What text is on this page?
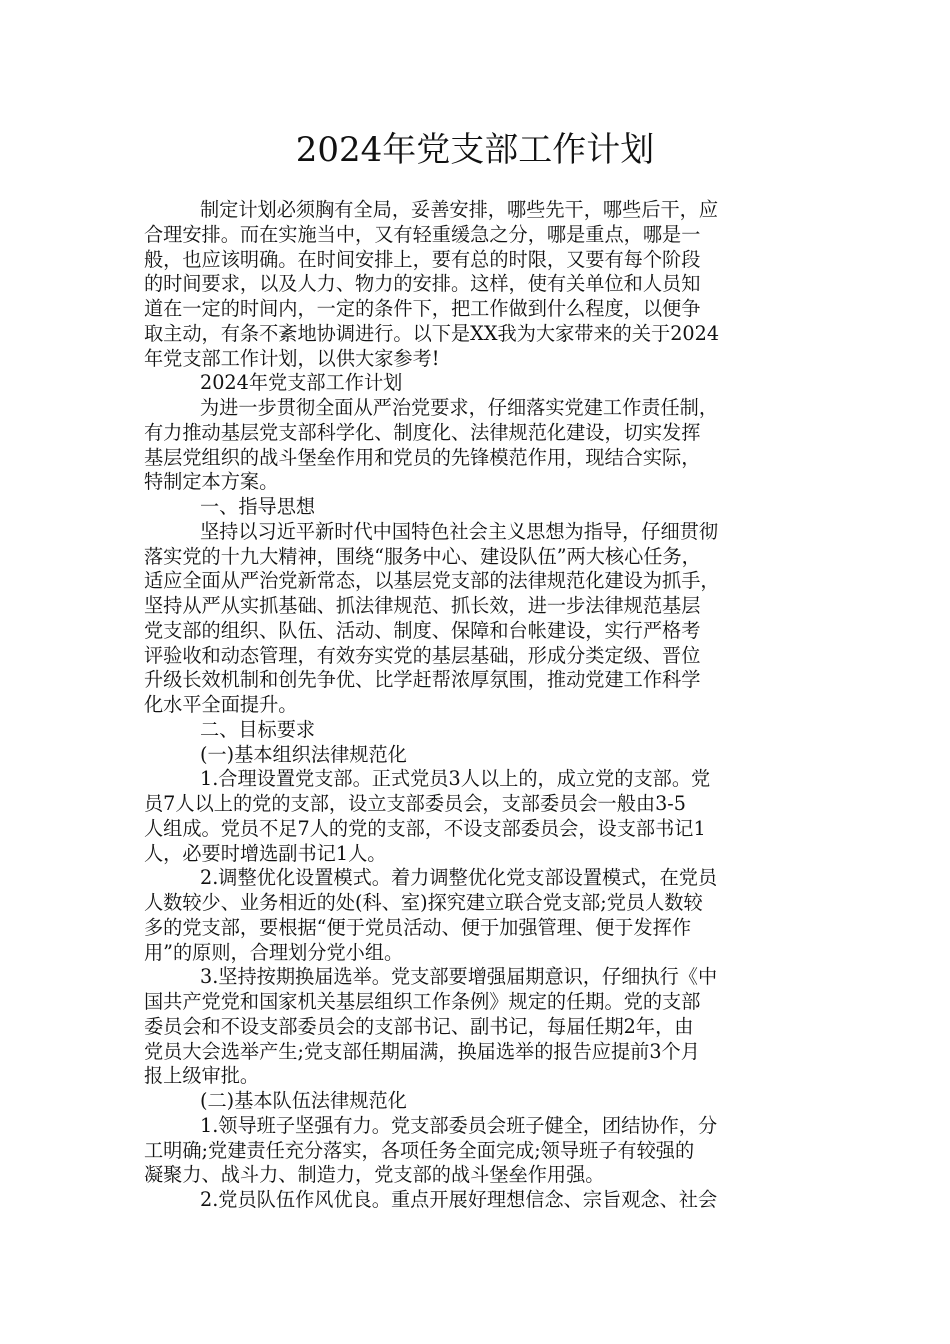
2024年党支部工作计划
制定计划必须胸有全局，妥善安排，哪些先干，哪些后干，应
合理安排。而在实施当中，又有轻重缓急之分，哪是重点，哪是一
般，也应该明确。在时间安排上，要有总的时限，又要有每个阶段
的时间要求，以及人力、物力的安排。这样，使有关单位和人员知
道在一定的时间内，一定的条件下，把工作做到什么程度，以便争
取主动，有条不紊地协调进行。以下是XX我为大家带来的关于2024
年党支部工作计划，以供大家参考!
2024年党支部工作计划
为进一步贯彻全面从严治党要求，仔细落实党建工作责任制，
有力推动基层党支部科学化、制度化、法律规范化建设，切实发挥
基层党组织的战斗堡垒作用和党员的先锋模范作用，现结合实际，
特制定本方案。
一、指导思想
坚持以习近平新时代中国特色社会主义思想为指导，仔细贯彻
落实党的十九大精神，围绕“服务中心、建设队伍”两大核心任务，
适应全面从严治党新常态，以基层党支部的法律规范化建设为抓手，
坚持从严从实抓基础、抓法律规范、抓长效，进一步法律规范基层
党支部的组织、队伍、活动、制度、保障和台帐建设，实行严格考
评验收和动态管理，有效夯实党的基层基础，形成分类定级、晋位
升级长效机制和创先争优、比学赶帮浓厚氛围，推动党建工作科学
化水平全面提升。
二、目标要求
(一)基本组织法律规范化
1.合理设置党支部。正式党员3人以上的，成立党的支部。党
员7人以上的党的支部，设立支部委员会，支部委员会一般由3-5
人组成。党员不足7人的党的支部，不设支部委员会，设支部书记1
人，必要时增选副书记1人。
2.调整优化设置模式。着力调整优化党支部设置模式，在党员
人数较少、业务相近的处(科、室)探究建立联合党支部;党员人数较
多的党支部，要根据“便于党员活动、便于加强管理、便于发挥作
用”的原则，合理划分党小组。
3.坚持按期换届选举。党支部要增强届期意识，仔细执行《中
国共产党党和国家机关基层组织工作条例》规定的任期。党的支部
委员会和不设支部委员会的支部书记、副书记，每届任期2年，由
党员大会选举产生;党支部任期届满，换届选举的报告应提前3个月
报上级审批。
(二)基本队伍法律规范化
1.领导班子坚强有力。党支部委员会班子健全，团结协作，分
工明确;党建责任充分落实，各项任务全面完成;领导班子有较强的
凝聚力、战斗力、制造力，党支部的战斗堡垒作用强。
2.党员队伍作风优良。重点开展好理想信念、宗旨观念、社会
